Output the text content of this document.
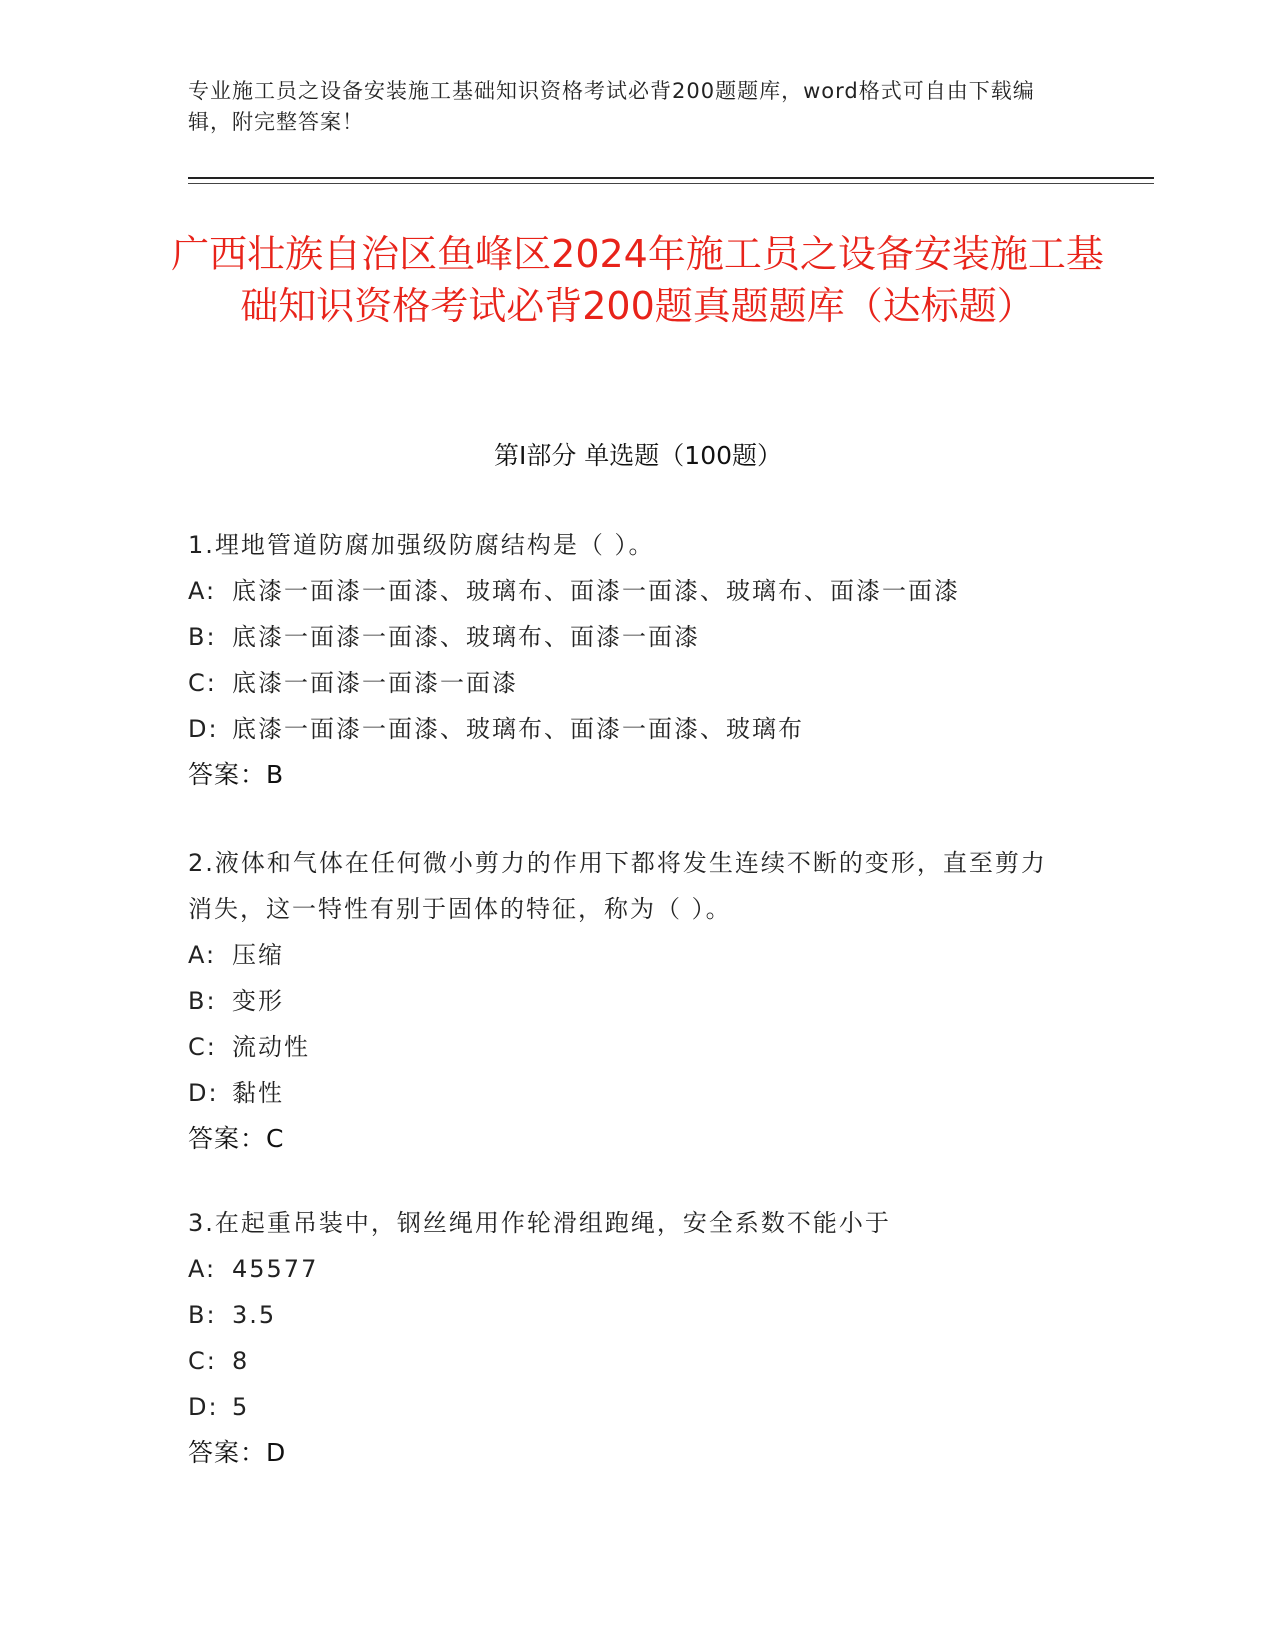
专业施工员之设备安装施工基础知识资格考试必背200题题库，word格式可自由下载编辑，附完整答案！
广西壮族自治区鱼峰区2024年施工员之设备安装施工基础知识资格考试必背200题真题题库（达标题）
第Ⅰ部分 单选题（100题）
1.埋地管道防腐加强级防腐结构是（ ）。
A: 底漆一面漆一面漆、玻璃布、面漆一面漆、玻璃布、面漆一面漆
B: 底漆一面漆一面漆、玻璃布、面漆一面漆
C: 底漆一面漆一面漆一面漆
D: 底漆一面漆一面漆、玻璃布、面漆一面漆、玻璃布
答案：B
2.液体和气体在任何微小剪力的作用下都将发生连续不断的变形，直至剪力消失，这一特性有别于固体的特征，称为（ ）。
A: 压缩
B: 变形
C: 流动性
D: 黏性
答案：C
3.在起重吊装中，钢丝绳用作轮滑组跑绳，安全系数不能小于
A: 45577
B: 3.5
C: 8
D: 5
答案：D
